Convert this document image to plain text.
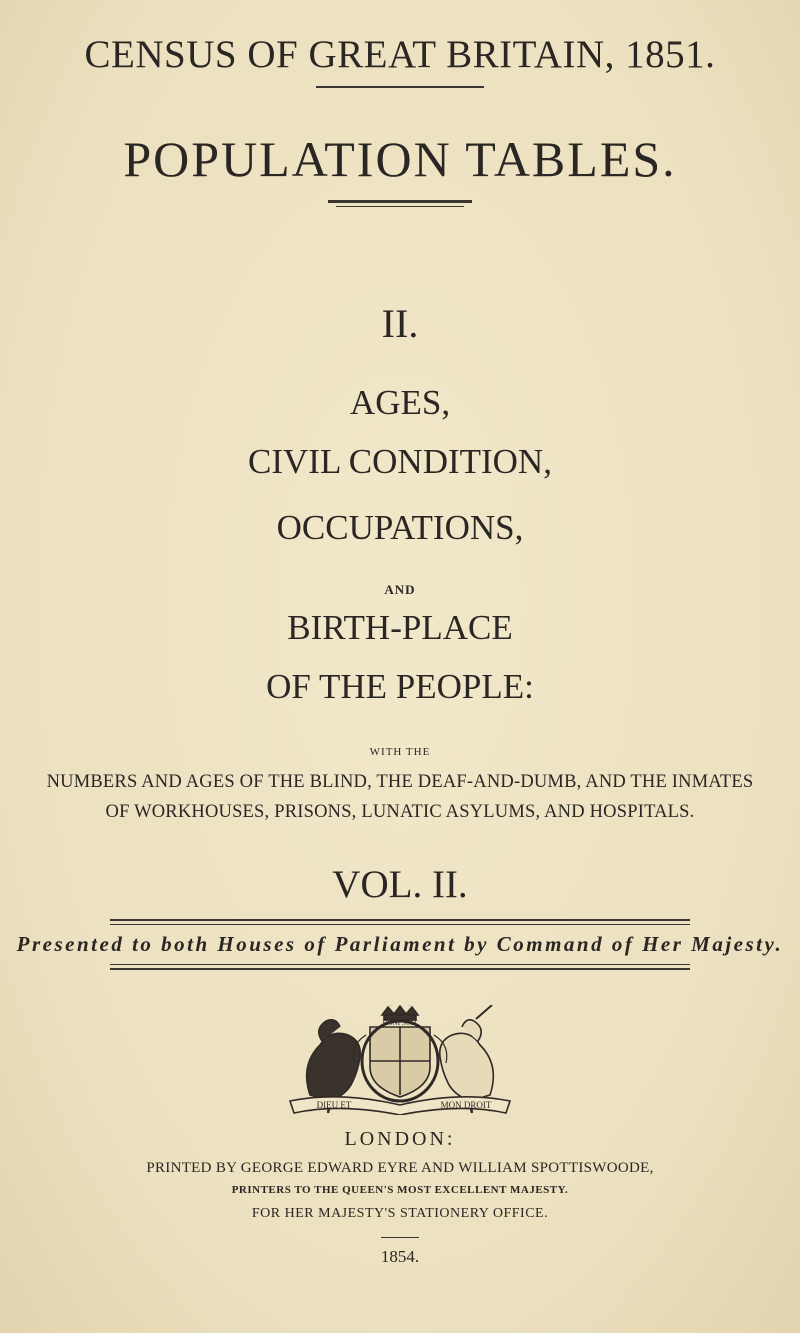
CENSUS OF GREAT BRITAIN, 1851.
POPULATION TABLES.
II.
AGES,
CIVIL CONDITION,
OCCUPATIONS,
AND
BIRTH-PLACE
OF THE PEOPLE:
WITH THE
NUMBERS AND AGES OF THE BLIND, THE DEAF-AND-DUMB, AND THE INMATES
OF WORKHOUSES, PRISONS, LUNATIC ASYLUMS, AND HOSPITALS.
VOL. II.
Presented to both Houses of Parliament by Command of Her Majesty.
DIEU ET	MON DROIT
HONI SOIT
LONDON:
PRINTED BY GEORGE EDWARD EYRE AND WILLIAM SPOTTISWOODE,
PRINTERS TO THE QUEEN'S MOST EXCELLENT MAJESTY.
FOR HER MAJESTY'S STATIONERY OFFICE.
1854.
